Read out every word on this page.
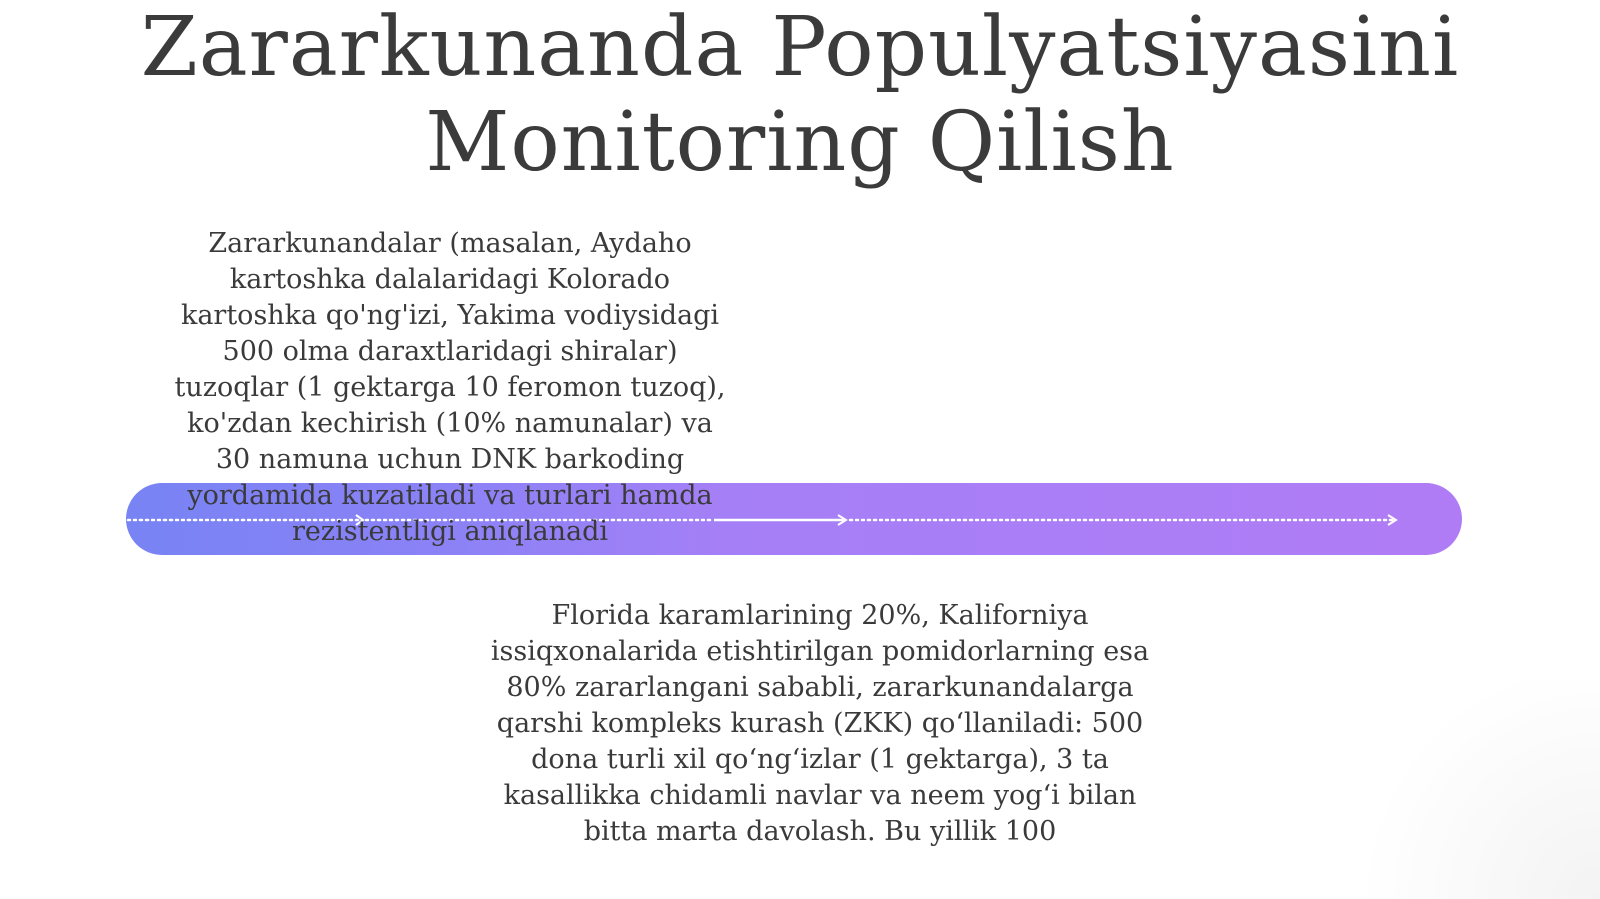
Zararkunanda Populyatsiyasini Monitoring Qilish

Zararkunandalar (masalan, Aydaho
kartoshka dalalaridagi Kolorado
kartoshka qo'ng'izi, Yakima vodiysidagi
500 olma daraxtlaridagi shiralar)
tuzoqlar (1 gektarga 10 feromon tuzoq),
ko'zdan kechirish (10% namunalar) va
30 namuna uchun DNK barkoding
yordamida kuzatiladi va turlari hamda
rezistentligi aniqlanadi

Florida karamlarining 20%, Kaliforniya
issiqxonalarida etishtirilgan pomidorlarning esa
80% zararlangani sababli, zararkunandalarga
qarshi kompleks kurash (ZKK) qo‘llaniladi: 500
dona turli xil qo‘ng‘izlar (1 gektarga), 3 ta
kasallikka chidamli navlar va neem yog‘i bilan
bitta marta davolash. Bu yillik 100
